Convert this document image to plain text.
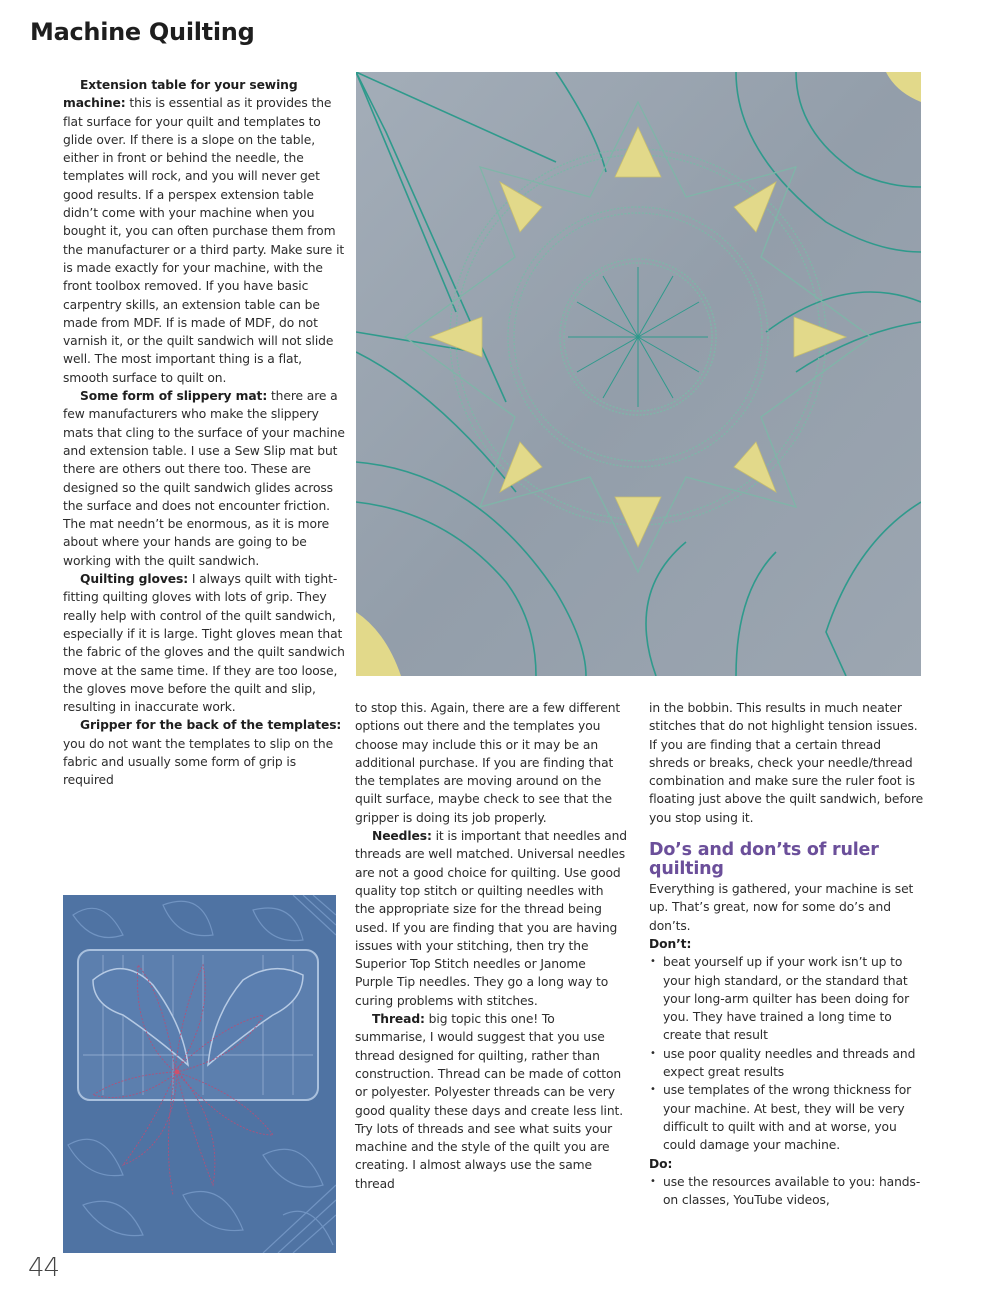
Machine Quilting

Extension table for your sewing machine: this is essential as it provides the flat surface for your quilt and templates to glide over. If there is a slope on the table, either in front or behind the needle, the templates will rock, and you will never get good results. If a perspex extension table didn’t come with your machine when you bought it, you can often purchase them from the manufacturer or a third party. Make sure it is made exactly for your machine, with the front toolbox removed. If you have basic carpentry skills, an extension table can be made from MDF. If is made of MDF, do not varnish it, or the quilt sandwich will not slide well. The most important thing is a flat, smooth surface to quilt on.

Some form of slippery mat: there are a few manufacturers who make the slippery mats that cling to the surface of your machine and extension table. I use a Sew Slip mat but there are others out there too. These are designed so the quilt sandwich glides across the surface and does not encounter friction. The mat needn’t be enormous, as it is more about where your hands are going to be working with the quilt sandwich.

Quilting gloves: I always quilt with tight-fitting quilting gloves with lots of grip. They really help with control of the quilt sandwich, especially if it is large. Tight gloves mean that the fabric of the gloves and the quilt sandwich move at the same time. If they are too loose, the gloves move before the quilt and slip, resulting in inaccurate work.

Gripper for the back of the templates: you do not want the templates to slip on the fabric and usually some form of grip is required

to stop this. Again, there are a few different options out there and the templates you choose may include this or it may be an additional purchase. If you are finding that the templates are moving around on the quilt surface, maybe check to see that the gripper is doing its job properly.

Needles: it is important that needles and threads are well matched. Universal needles are not a good choice for quilting. Use good quality top stitch or quilting needles with the appropriate size for the thread being used. If you are finding that you are having issues with your stitching, then try the Superior Top Stitch needles or Janome Purple Tip needles. They go a long way to curing problems with stitches.

Thread: big topic this one! To summarise, I would suggest that you use thread designed for quilting, rather than construction. Thread can be made of cotton or polyester. Polyester threads can be very good quality these days and create less lint. Try lots of threads and see what suits your machine and the style of the quilt you are creating. I almost always use the same thread

in the bobbin. This results in much neater stitches that do not highlight tension issues. If you are finding that a certain thread shreds or breaks, check your needle/thread combination and make sure the ruler foot is floating just above the quilt sandwich, before you stop using it.

Do’s and don’ts of ruler quilting

Everything is gathered, your machine is set up. That’s great, now for some do’s and don’ts.

Don’t:

• beat yourself up if your work isn’t up to your high standard, or the standard that your long-arm quilter has been doing for you. They have trained a long time to create that result
• use poor quality needles and threads and expect great results
• use templates of the wrong thickness for your machine. At best, they will be very difficult to quilt with and at worse, you could damage your machine.

Do:

• use the resources available to you: hands-on classes, YouTube videos,
44
